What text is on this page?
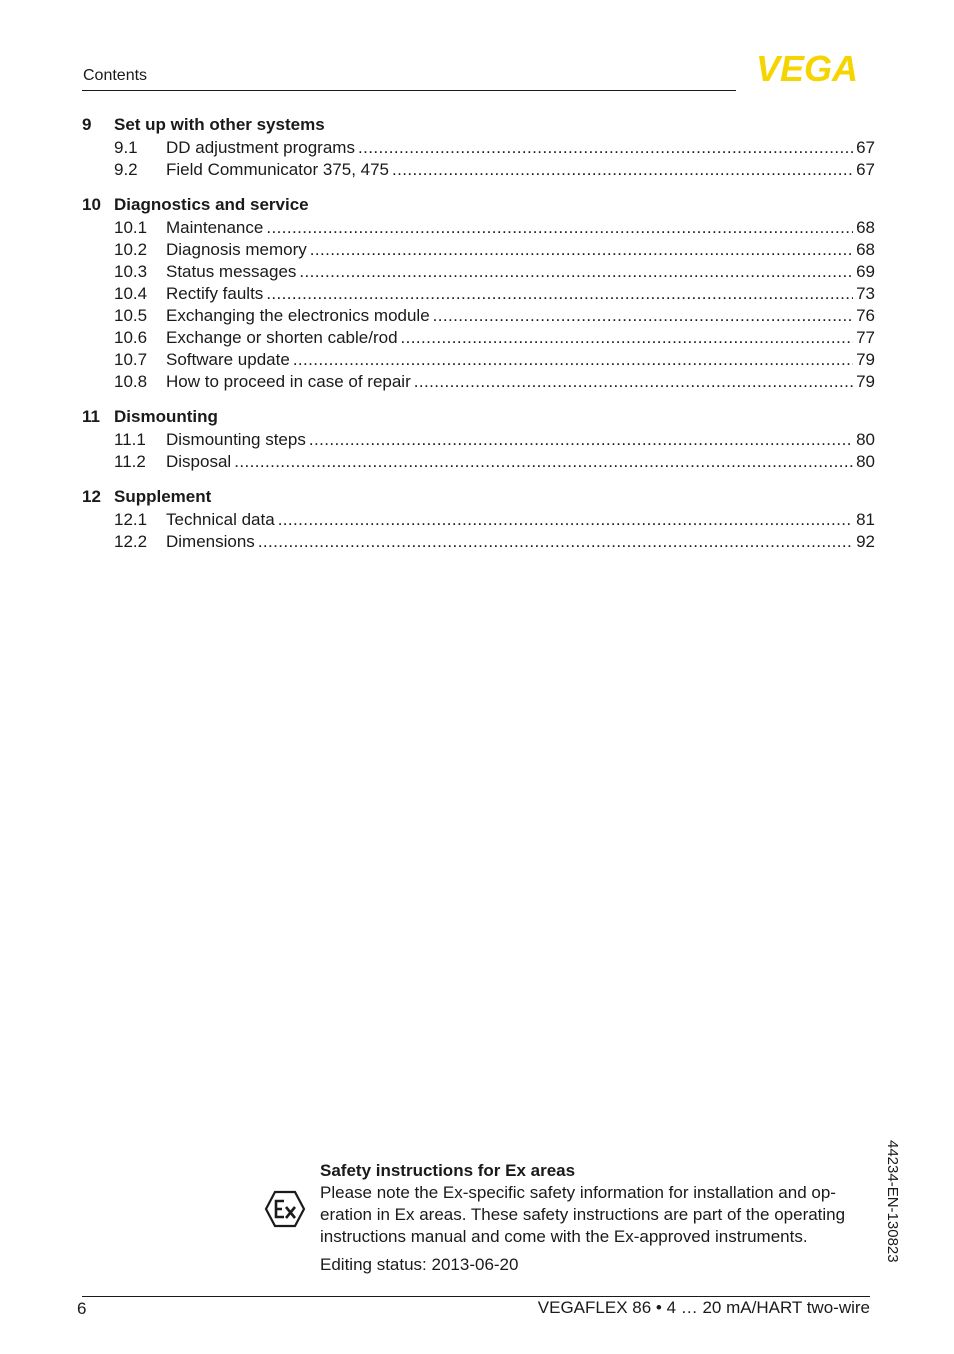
Contents	VEGA
9	Set up with other systems
9.1	DD adjustment programs .....	67
9.2	Field Communicator 375, 475 .....	67
10 Diagnostics and service
10.1	Maintenance .....	68
10.2	Diagnosis memory .....	68
10.3	Status messages .....	69
10.4	Rectify faults .....	73
10.5	Exchanging the electronics module .....	76
10.6	Exchange or shorten cable/rod .....	77
10.7	Software update .....	79
10.8	How to proceed in case of repair .....	79
11 Dismounting
11.1	Dismounting steps .....	80
11.2	Disposal .....	80
12 Supplement
12.1	Technical data .....	81
12.2	Dimensions .....	92
44234-EN-130823
Safety instructions for Ex areas
Please note the Ex-specific safety information for installation and op-eration in Ex areas. These safety instructions are part of the operating instructions manual and come with the Ex-approved instruments.
Editing status: 2013-06-20
6	VEGAFLEX 86 • 4 … 20 mA/HART two-wire
